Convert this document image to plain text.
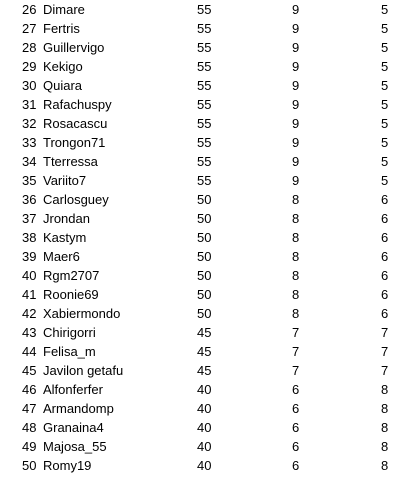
26 Dimare	55	9	5
27 Fertris	55	9	5
28 Guillervigo	55	9	5
29 Kekigo	55	9	5
30 Quiara	55	9	5
31 Rafachuspy	55	9	5
32 Rosacascu	55	9	5
33 Trongon71	55	9	5
34 Tterressa	55	9	5
35 Variito7	55	9	5
36 Carlosguey	50	8	6
37 Jrondan	50	8	6
38 Kastym	50	8	6
39 Maer6	50	8	6
40 Rgm2707	50	8	6
41 Roonie69	50	8	6
42 Xabiermondo	50	8	6
43 Chirigorri	45	7	7
44 Felisa_m	45	7	7
45 Javilon getafu	45	7	7
46 Alfonferfer	40	6	8
47 Armandomp	40	6	8
48 Granaina4	40	6	8
49 Majosa_55	40	6	8
50 Romy19	40	6	8
